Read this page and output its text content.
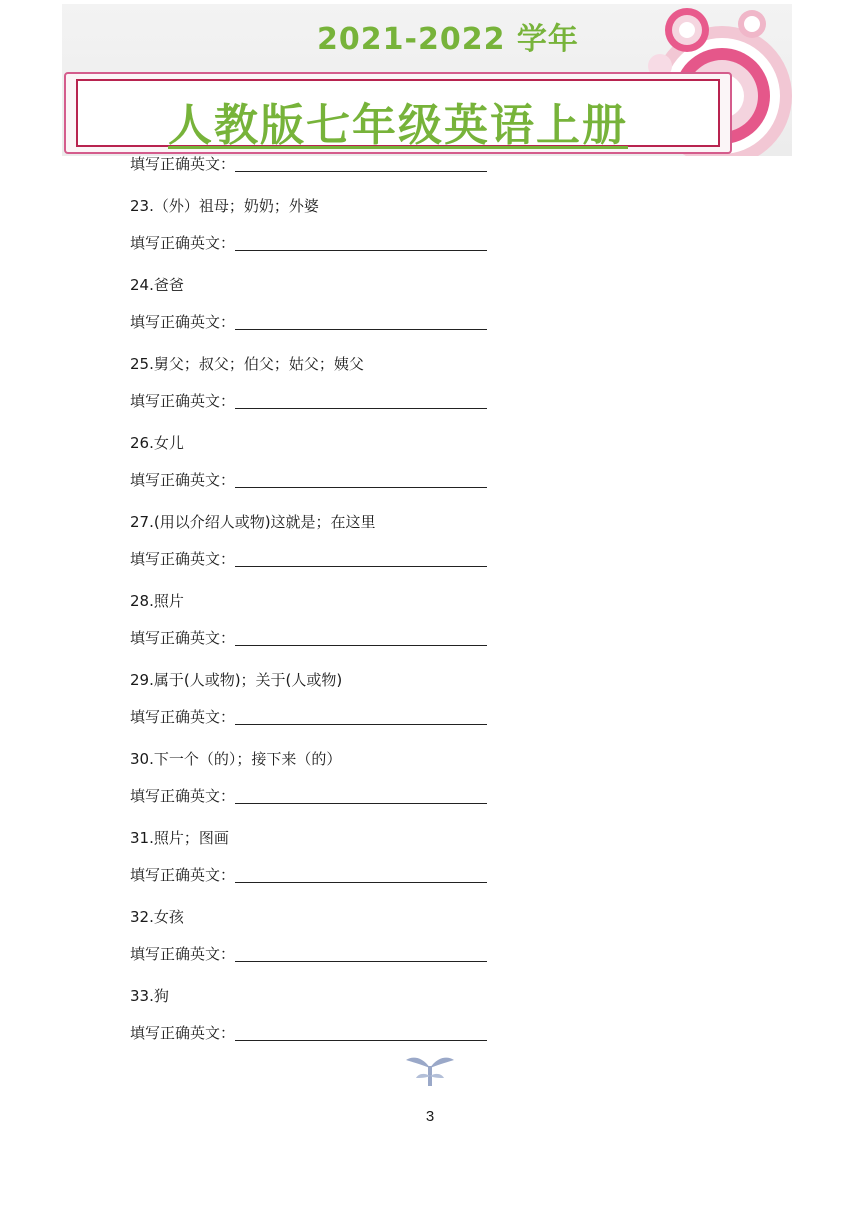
2021-2022 学年
人教版七年级英语上册
填写正确英文：
23.（外）祖母；奶奶；外婆
填写正确英文：
24.爸爸
填写正确英文：
25.舅父；叔父；伯父；姑父；姨父
填写正确英文：
26.女儿
填写正确英文：
27.(用以介绍人或物)这就是；在这里
填写正确英文：
28.照片
填写正确英文：
29.属于(人或物)；关于(人或物)
填写正确英文：
30.下一个（的）；接下来（的）
填写正确英文：
31.照片；图画
填写正确英文：
32.女孩
填写正确英文：
33.狗
填写正确英文：
3
